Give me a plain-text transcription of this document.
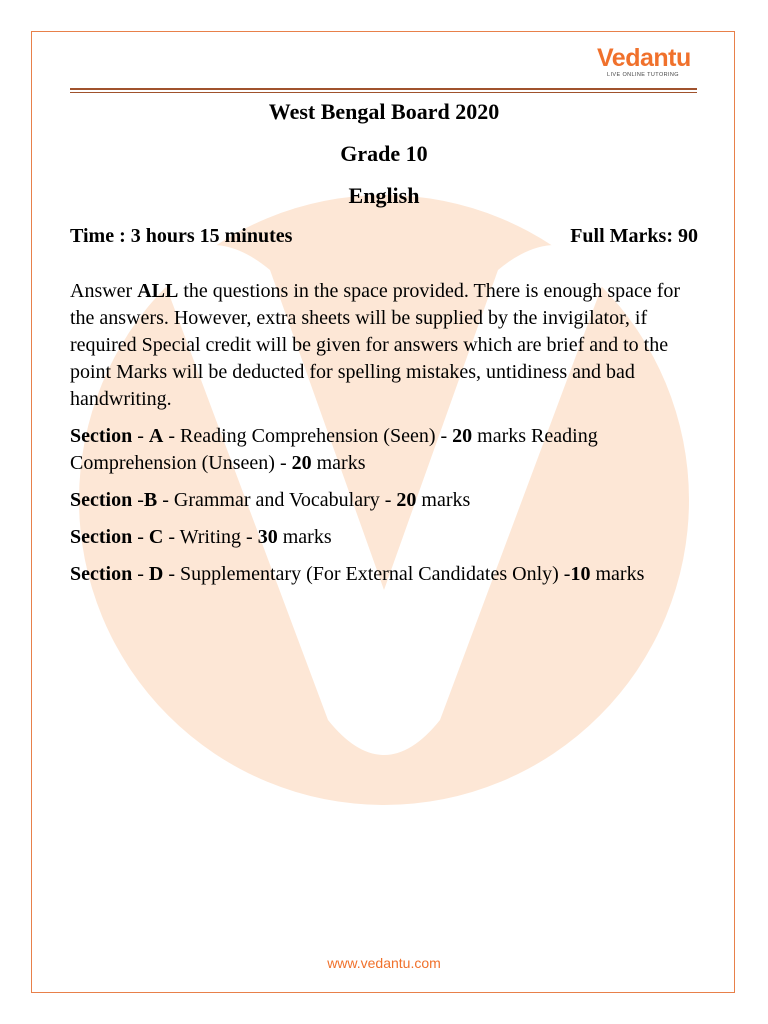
Vedantu
LIVE ONLINE TUTORING
West Bengal Board 2020
Grade 10
English
Time : 3 hours 15 minutes	Full Marks: 90

Answer ALL the questions in the space provided. There is enough space for the answers. However, extra sheets will be supplied by the invigilator, if required Special credit will be given for answers which are brief and to the point Marks will be deducted for spelling mistakes, untidiness and bad handwriting.

Section - A - Reading Comprehension (Seen) - 20 marks Reading Comprehension (Unseen) - 20 marks

Section -B - Grammar and Vocabulary - 20 marks

Section - C - Writing - 30 marks

Section - D - Supplementary (For External Candidates Only) -10 marks

www.vedantu.com
